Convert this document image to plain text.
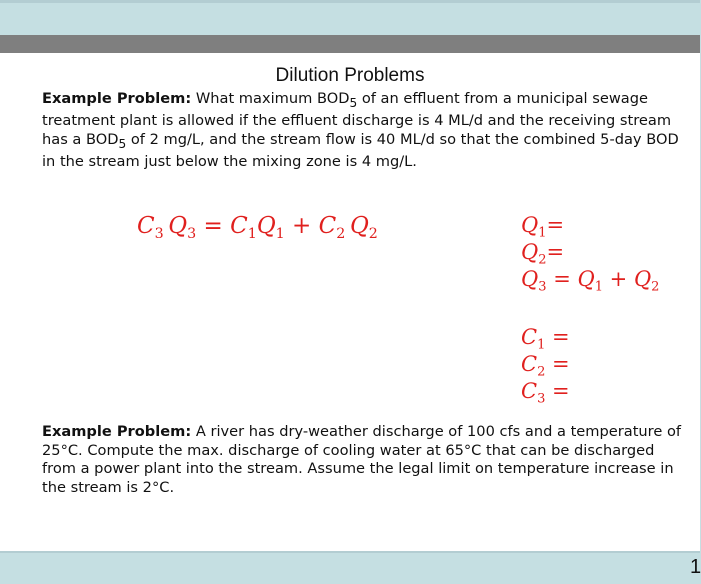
Dilution Problems

Example Problem: What maximum $BOD_5$ of an effluent from a municipal sewage treatment plant is allowed if the effluent discharge is 4 ML/d and the receiving stream has a $BOD_5$ of 2 mg/L, and the stream flow is 40 ML/d so that the combined 5-day BOD in the stream just below the mixing zone is 4 mg/L.

$C_3$  $Q_3 = C_1Q_1 + C_2$  $Q_2$	$Q_1=$
$Q_2=$
$Q_3 = Q_1 + Q_2$
$C_1$ =
$C_2$ =
$C_3$ =

Example Problem: A river has dry-weather discharge of 100 cfs and a temperature of 25°C. Compute the max. discharge of cooling water at 65°C that can be discharged from a power plant into the stream. Assume the legal limit on temperature increase in the stream is 2°C.

1
